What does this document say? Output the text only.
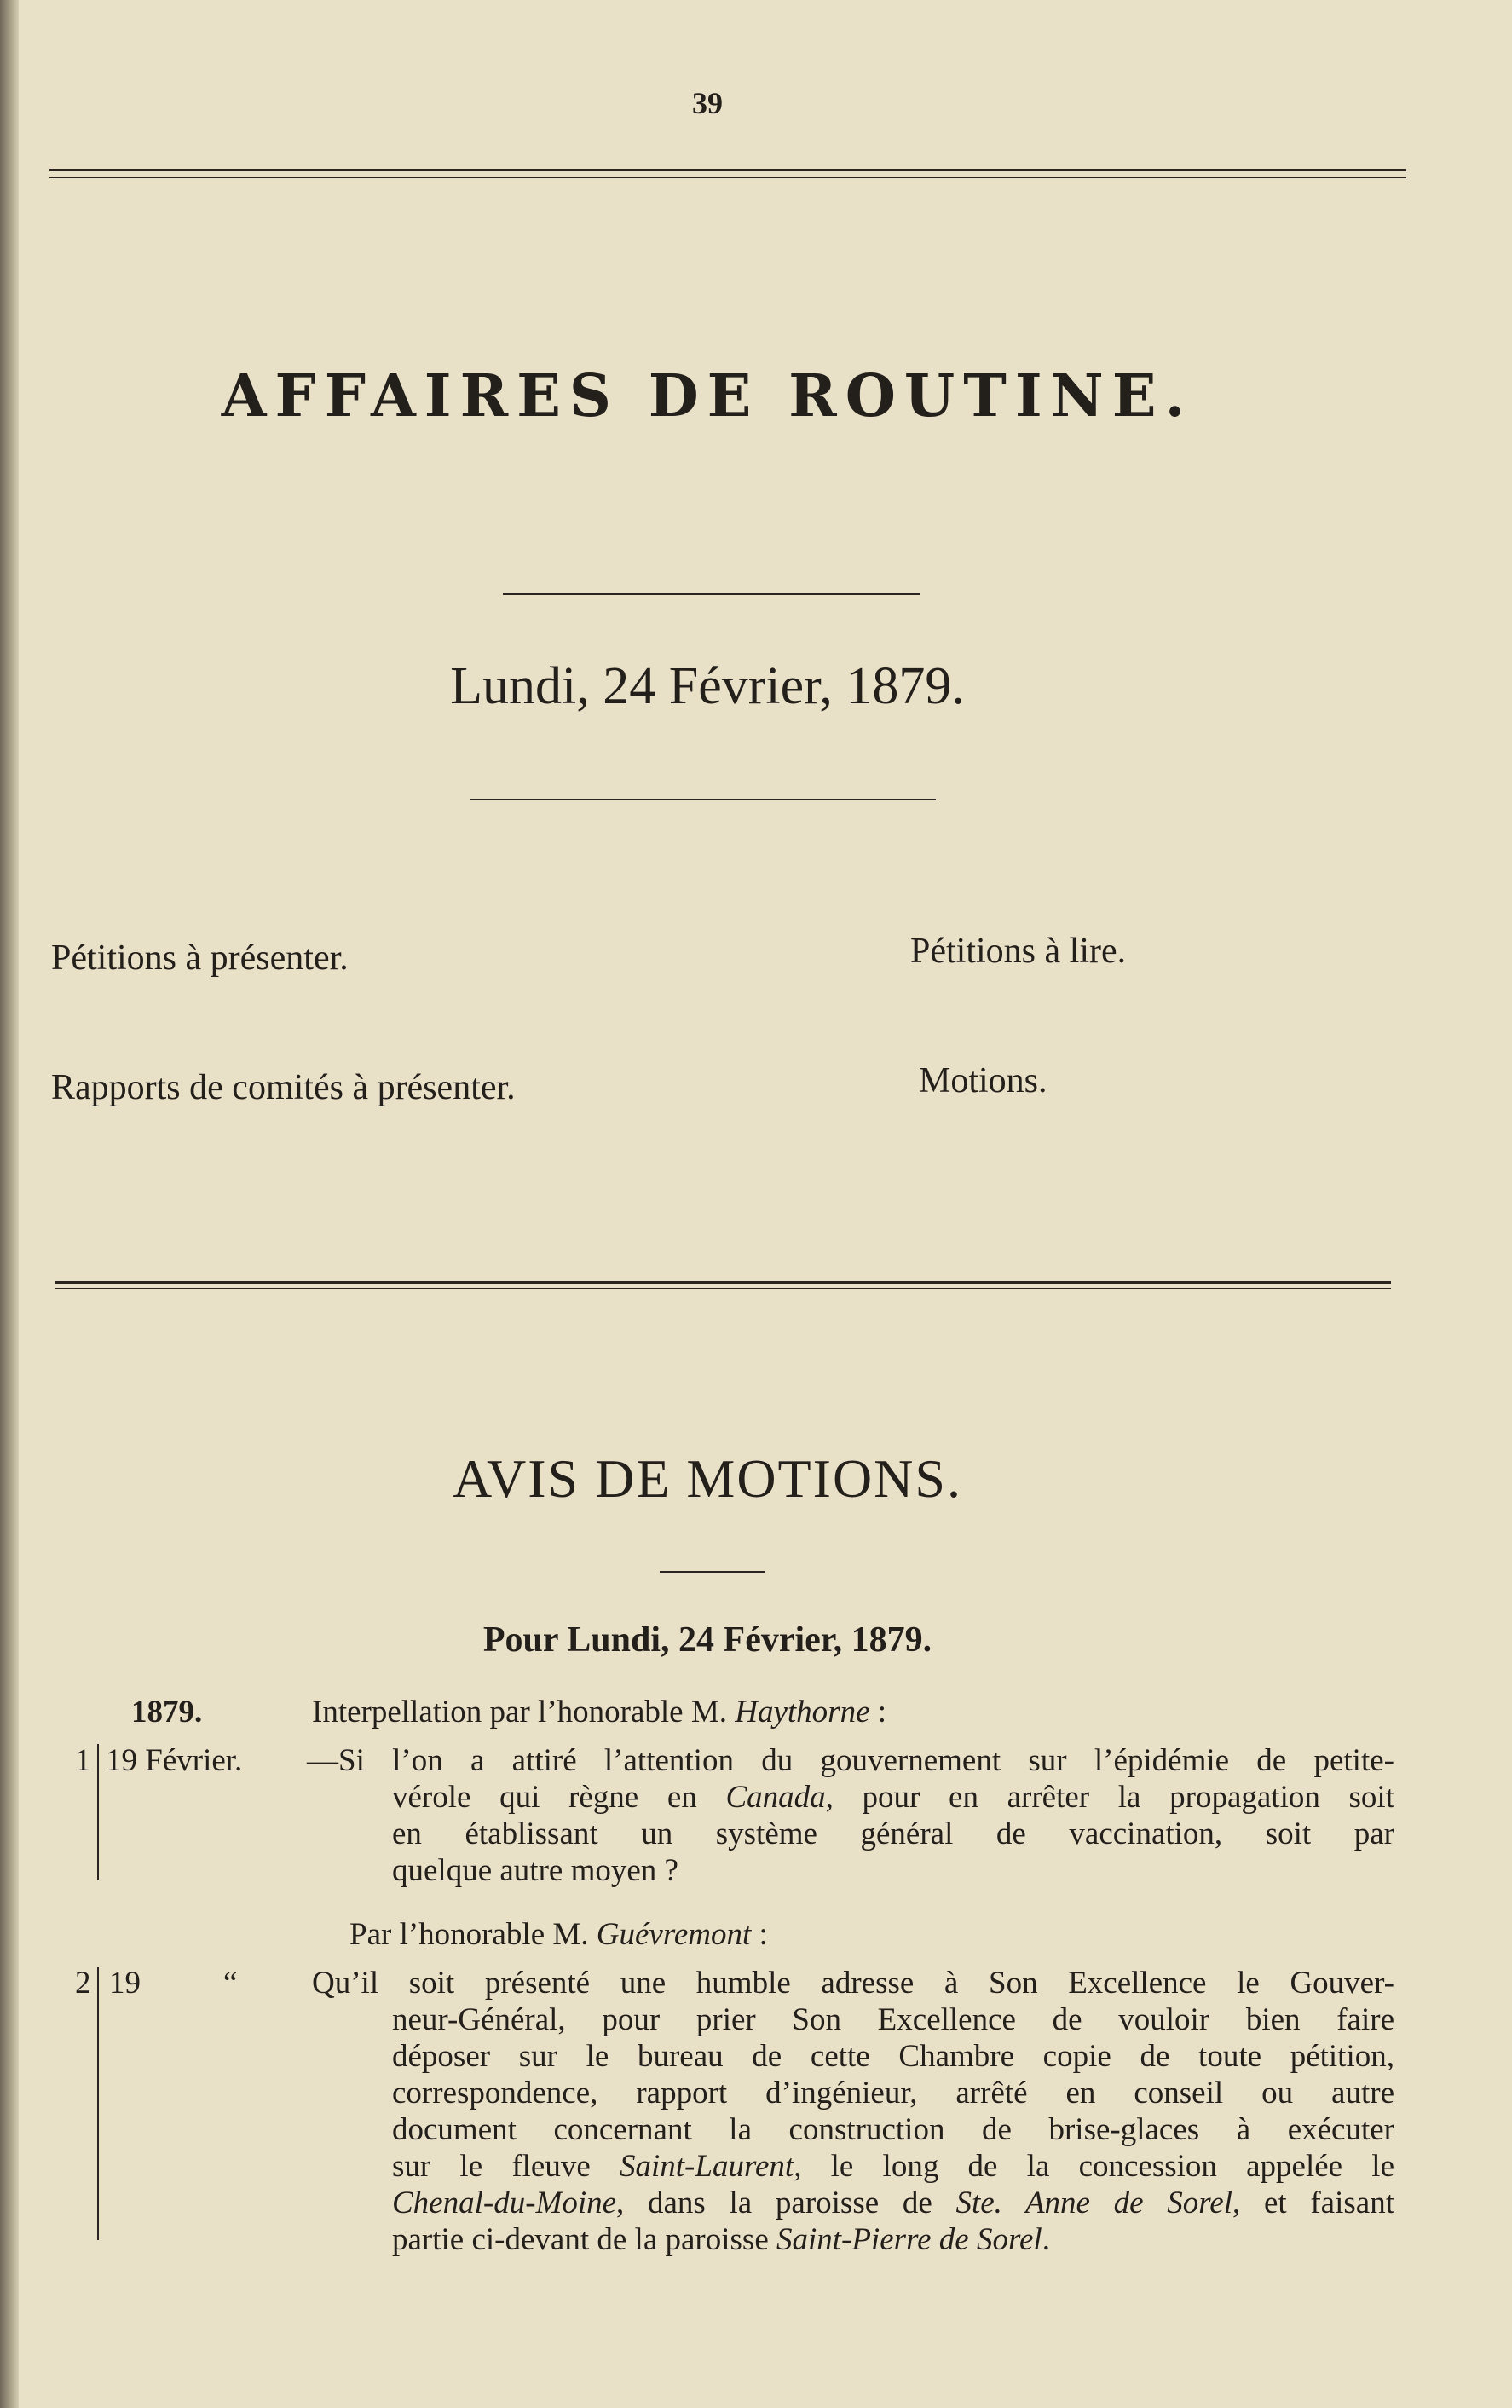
39
AFFAIRES DE ROUTINE.
Lundi, 24 Février, 1879.
Pétitions à présenter.	Pétitions à lire.
Rapports de comités à présenter.	Motions.
AVIS DE MOTIONS.
Pour Lundi, 24 Février, 1879.
1879.	Interpellation par l’honorable M. Haythorne :
1 19 Février. —Si l’on a attiré l’attention du gouvernement sur l’épidémie de petite-
vérole qui règne en Canada, pour en arrêter la propagation soit
en établissant un système général de vaccination, soit par
quelque autre moyen ?
Par l’honorable M. Guévremont :
2 19	“ Qu’il soit présenté une humble adresse à Son Excellence le Gouver-
neur-Général, pour prier Son Excellence de vouloir bien faire
déposer sur le bureau de cette Chambre copie de toute pétition,
correspondence, rapport d’ingénieur, arrêté en conseil ou autre
document concernant la construction de brise-glaces à exécuter
sur le fleuve Saint-Laurent, le long de la concession appelée le
Chenal-du-Moine, dans la paroisse de Ste. Anne de Sorel, et faisant
partie ci-devant de la paroisse Saint-Pierre de Sorel.
